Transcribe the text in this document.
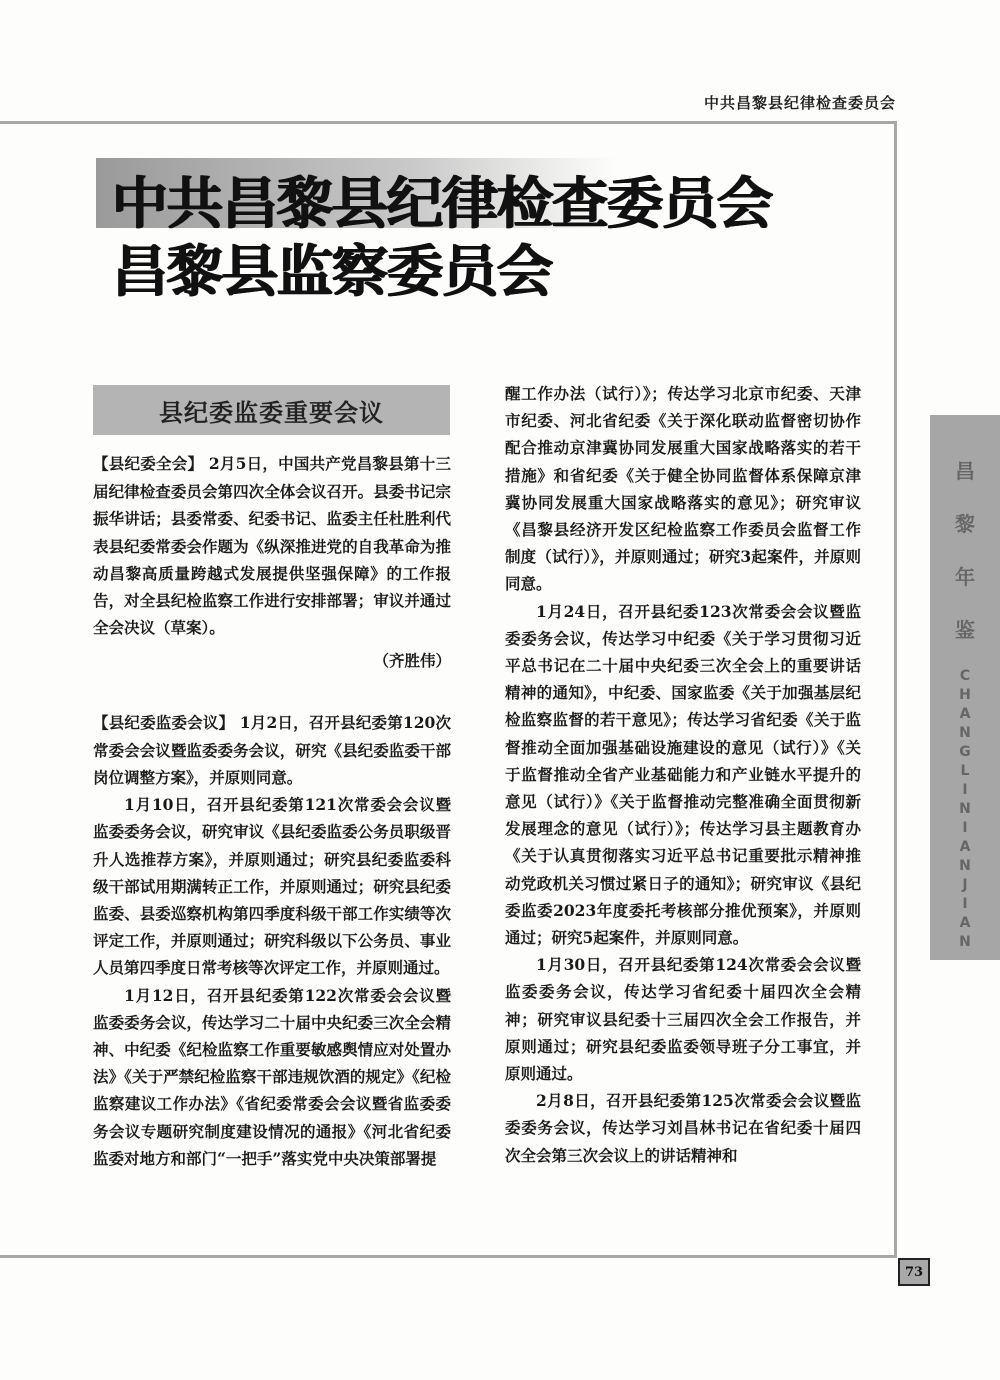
中共昌黎县纪律检查委员会
中共昌黎县纪律检查委员会
昌黎县监察委员会
县纪委监委重要会议

【县纪委全会】 2月5日，中国共产党昌黎县第十三届纪律检查委员会第四次全体会议召开。县委书记宗振华讲话；县委常委、纪委书记、监委主任杜胜利代表县纪委常委会作题为《纵深推进党的自我革命为推动昌黎高质量跨越式发展提供坚强保障》的工作报告，对全县纪检监察工作进行安排部署；审议并通过全会决议（草案）。

（齐胜伟）

【县纪委监委会议】 1月2日，召开县纪委第120次常委会会议暨监委委务会议，研究《县纪委监委干部岗位调整方案》，并原则同意。

1月10日，召开县纪委第121次常委会会议暨监委委务会议，研究审议《县纪委监委公务员职级晋升人选推荐方案》，并原则通过；研究县纪委监委科级干部试用期满转正工作，并原则通过；研究县纪委监委、县委巡察机构第四季度科级干部工作实绩等次评定工作，并原则通过；研究科级以下公务员、事业人员第四季度日常考核等次评定工作，并原则通过。

1月12日，召开县纪委第122次常委会会议暨监委委务会议，传达学习二十届中央纪委三次全会精神、中纪委《纪检监察工作重要敏感舆情应对处置办法》《关于严禁纪检监察干部违规饮酒的规定》《纪检监察建议工作办法》《省纪委常委会会议暨省监委委务会议专题研究制度建设情况的通报》《河北省纪委监委对地方和部门“一把手”落实党中央决策部署提

醒工作办法（试行）》；传达学习北京市纪委、天津市纪委、河北省纪委《关于深化联动监督密切协作配合推动京津冀协同发展重大国家战略落实的若干措施》和省纪委《关于健全协同监督体系保障京津冀协同发展重大国家战略落实的意见》；研究审议《昌黎县经济开发区纪检监察工作委员会监督工作制度（试行）》，并原则通过；研究3起案件，并原则同意。

1月24日，召开县纪委123次常委会会议暨监委委务会议，传达学习中纪委《关于学习贯彻习近平总书记在二十届中央纪委三次全会上的重要讲话精神的通知》，中纪委、国家监委《关于加强基层纪检监察监督的若干意见》；传达学习省纪委《关于监督推动全面加强基础设施建设的意见（试行）》《关于监督推动全省产业基础能力和产业链水平提升的意见（试行）》《关于监督推动完整准确全面贯彻新发展理念的意见（试行）》；传达学习县主题教育办《关于认真贯彻落实习近平总书记重要批示精神推动党政机关习惯过紧日子的通知》；研究审议《县纪委监委2023年度委托考核部分推优预案》，并原则通过；研究5起案件，并原则同意。

1月30日，召开县纪委第124次常委会会议暨监委委务会议，传达学习省纪委十届四次全会精神；研究审议县纪委十三届四次全会工作报告，并原则通过；研究县纪委监委领导班子分工事宜，并原则通过。

2月8日，召开县纪委第125次常委会会议暨监委委务会议，传达学习刘昌林书记在省纪委十届四次全会第三次会议上的讲话精神和

昌
黎
年
鉴
C
H
A
N
G
L
I
N
I
A
N
J
I
A
N
73
